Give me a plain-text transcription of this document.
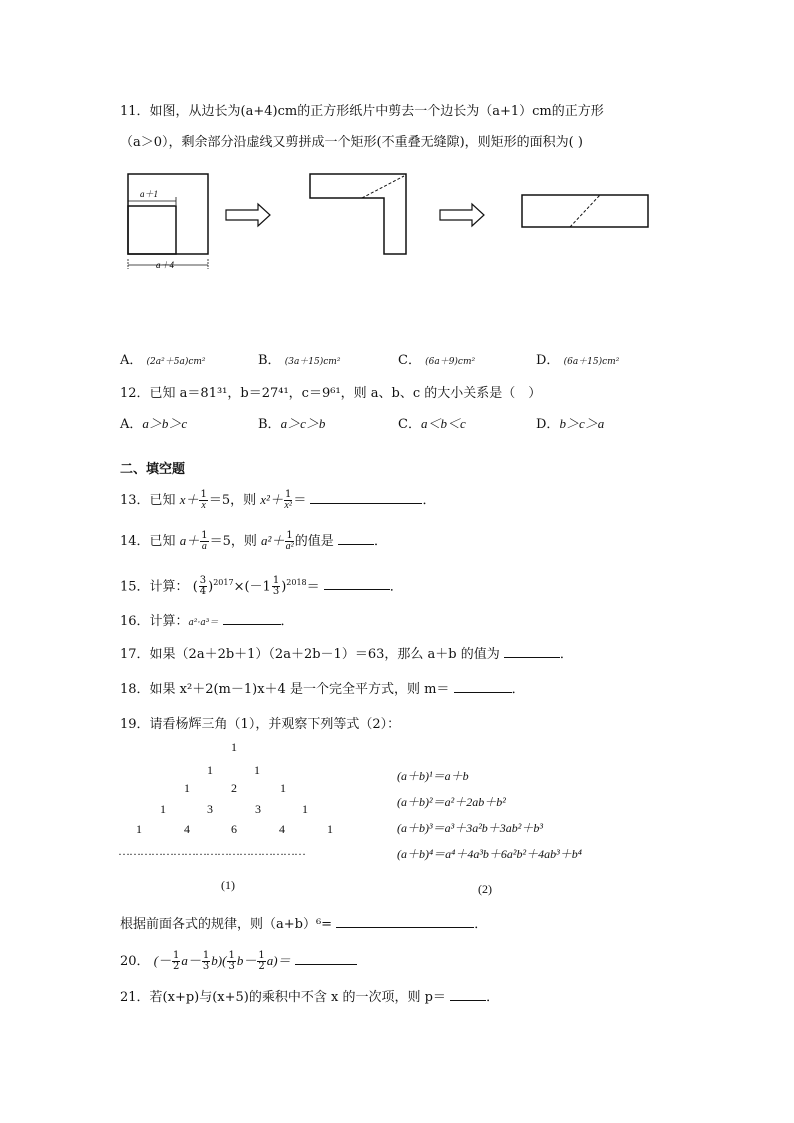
11．如图，从边长为(a+4)cm的正方形纸片中剪去一个边长为（a+1）cm的正方形
（a＞0），剩余部分沿虚线又剪拼成一个矩形(不重叠无缝隙)，则矩形的面积为( )
a＋1
a＋4
A． (2a²＋5a)cm²	B． (3a＋15)cm²	C． (6a＋9)cm²	D． (6a＋15)cm²
12．已知 a＝81³¹，b＝27⁴¹，c＝9⁶¹，则 a、b、c 的大小关系是（　）
A．a＞b＞c	B．a＞c＞b	C．a＜b＜c	D．b＞c＞a
二、填空题
13．已知 $x+ \frac{1}{x} =5$，则 $x^2+ \frac{1}{\text{x²}}$ ＝	．
14．已知 $a+ \frac{1}{a} =5$，则 $a^2+ \frac{1}{\text{a²}}$ 的值是	．
15．计算： ( $\frac{3}{4} )^{2017}\times(-1 \frac{1}{3} )^{2018}=$	．
16．计算：a²·a³＝	．
17．如果（2a＋2b＋1）（2a＋2b－1）＝63，那么 a＋b 的值为	．
18．如果 x²＋2(m－1)x＋4 是一个完全平方式，则 m＝	．
19．请看杨辉三角（1），并观察下列等式（2）：
1
1	1
1	2	1
1	3	3	1
1	4	6	4	1
……………………………………………
(1)
(a＋b)¹＝a＋b
(a＋b)²＝a²＋2ab＋b²
(a＋b)³＝a³＋3a²b＋3ab²＋b³
(a＋b)⁴＝a⁴＋4a³b＋6a²b²＋4ab³＋b⁴
(2)
根据前面各式的规律，则（a+b）⁶=	．
20． (－ $\frac{1}{2} a- \frac{1}{3} b)( \frac{1}{3} b- \frac{1}{2} a)=$
21．若(x+p)与(x+5)的乘积中不含 x 的一次项，则 p＝	．
